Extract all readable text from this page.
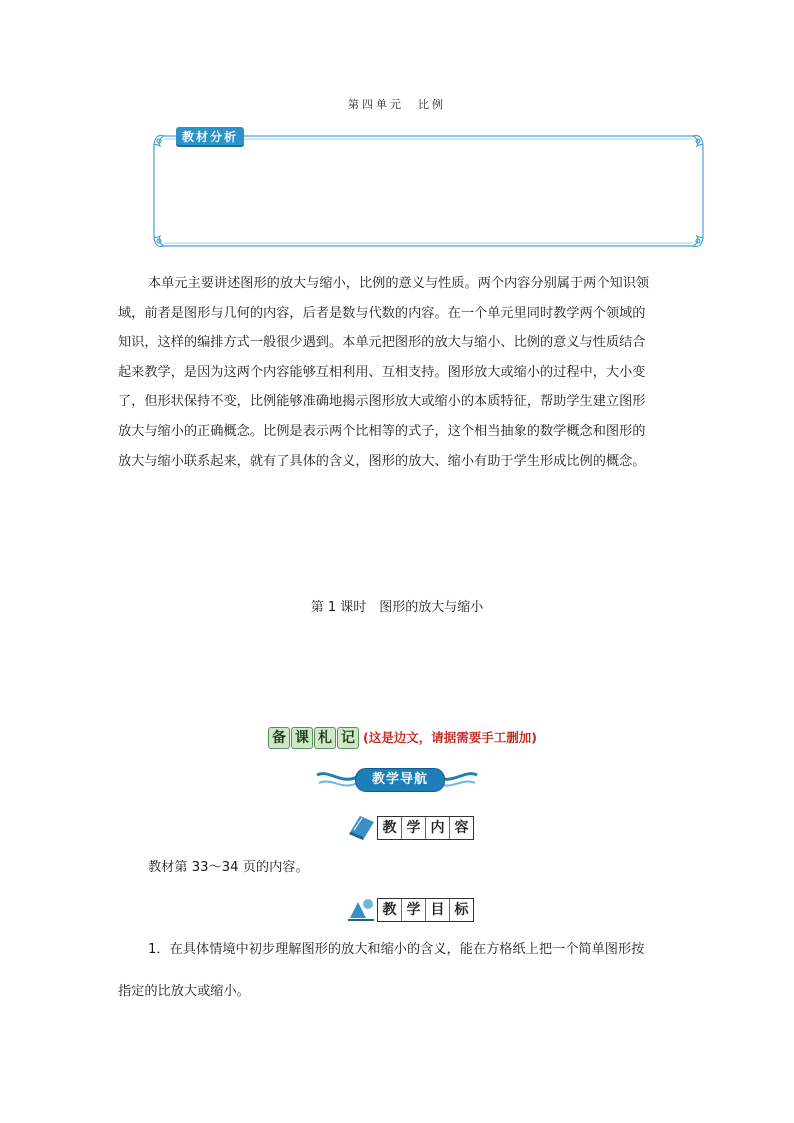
第四单元　比例
教材分析

本单元主要讲述图形的放大与缩小，比例的意义与性质。两个内容分别属于两个知识领

域，前者是图形与几何的内容，后者是数与代数的内容。在一个单元里同时教学两个领域的

知识，这样的编排方式一般很少遇到。本单元把图形的放大与缩小、比例的意义与性质结合

起来教学，是因为这两个内容能够互相利用、互相支持。图形放大或缩小的过程中，大小变

了，但形状保持不变，比例能够准确地揭示图形放大或缩小的本质特征，帮助学生建立图形

放大与缩小的正确概念。比例是表示两个比相等的式子，这个相当抽象的数学概念和图形的

放大与缩小联系起来，就有了具体的含义，图形的放大、缩小有助于学生形成比例的概念。

第 1 课时　图形的放大与缩小
备 课 札 记 (这是边文，请据需要手工删加)
教学导航
教 学 内 容
教材第 33～34 页的内容。
教 学 目 标
1．在具体情境中初步理解图形的放大和缩小的含义，能在方格纸上把一个简单图形按
指定的比放大或缩小。
